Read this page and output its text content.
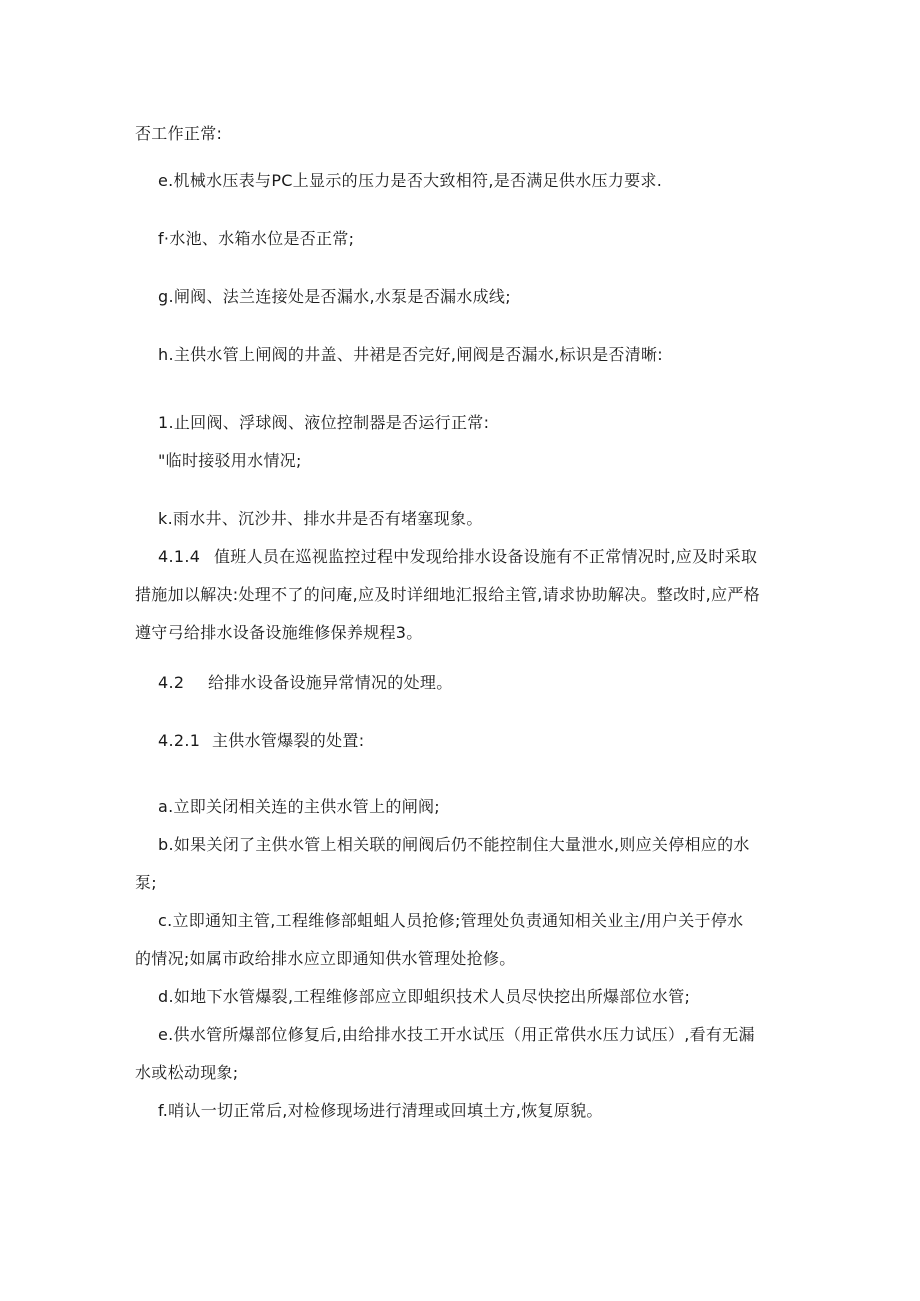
否工作正常:
e.机械水压表与PC上显示的压力是否大致相符,是否满足供水压力要求.
f·水池、水箱水位是否正常;
g.闸阀、法兰连接处是否漏水,水泵是否漏水成线;
h.主供水管上闸阀的井盖、井裙是否完好,闸阀是否漏水,标识是否清晰:
1.止回阀、浮球阀、液位控制器是否运行正常:
"临时接驳用水情况;
k.雨水井、沉沙井、排水井是否有堵塞现象。
4.1.4 值班人员在巡视监控过程中发现给排水设备设施有不正常情况时,应及时采取
措施加以解决:处理不了的问庵,应及时详细地汇报给主管,请求协助解决。整改时,应严格
遵守弓给排水设备设施维修保养规程3。
4.2 给排水设备设施异常情况的处理。
4.2.1 主供水管爆裂的处置:
a.立即关闭相关连的主供水管上的闸阀;
b.如果关闭了主供水管上相关联的闸阀后仍不能控制住大量泄水,则应关停相应的水
泵;
c.立即通知主管,工程维修部蛆蛆人员抢修;管理处负责通知相关业主/用户关于停水
的情况;如属市政给排水应立即通知供水管理处抢修。
d.如地下水管爆裂,工程维修部应立即蛆织技术人员尽快挖出所爆部位水管;
e.供水管所爆部位修复后,由给排水技工开水试压（用正常供水压力试压）,看有无漏
水或松动现象;
f.哨认一切正常后,对检修现场进行清理或回填土方,恢复原貌。
